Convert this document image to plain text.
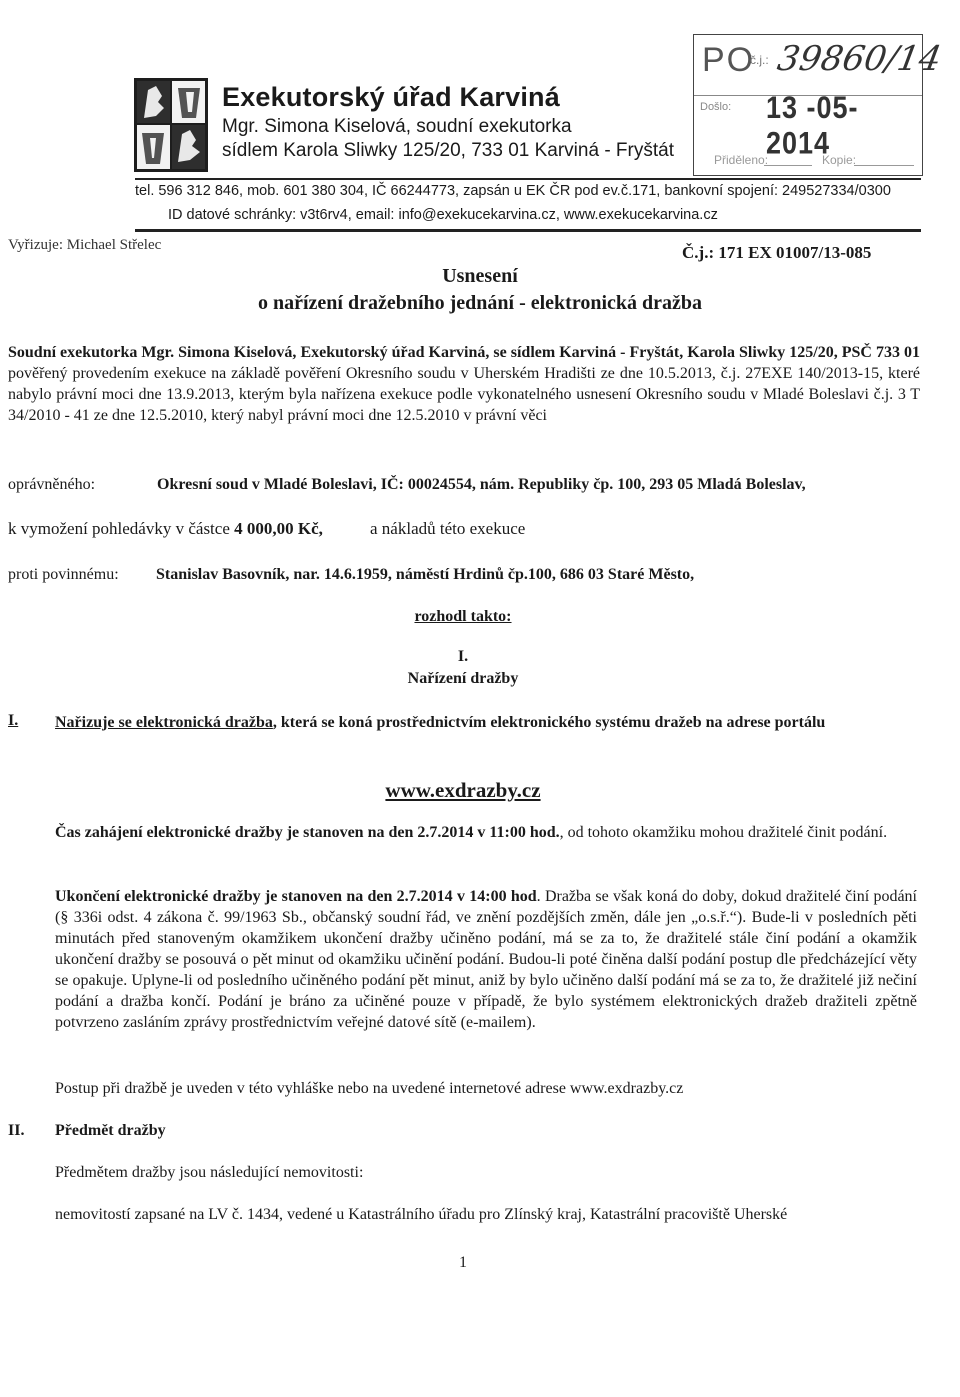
Exekutorský úřad Karviná
Mgr. Simona Kiselová, soudní exekutorka
sídlem Karola Sliwky 125/20, 733 01 Karviná - Fryštát
PO
č.j.: 39860/14
Došlo: 13 -05- 2014
Přiděleno:	Kopie:
tel. 596 312 846, mob. 601 380 304, IČ 66244773, zapsán u EK ČR pod ev.č.171, bankovní spojení: 249527334/0300
ID datové schránky: v3t6rv4, email: info@exekucekarvina.cz, www.exekucekarvina.cz
Vyřizuje: Michael Střelec	Č.j.: 171 EX 01007/13-085
Usnesení
o nařízení dražebního jednání - elektronická dražba
Soudní exekutorka Mgr. Simona Kiselová, Exekutorský úřad Karviná, se sídlem Karviná - Fryštát, Karola Sliwky 125/20, PSČ 733 01 pověřený provedením exekuce na základě pověření Okresního soudu v Uherském Hradišti ze dne 10.5.2013, č.j. 27EXE 140/2013-15, které nabylo právní moci dne 13.9.2013, kterým byla nařízena exekuce podle vykonatelného usnesení Okresního soudu v Mladé Boleslavi č.j. 3 T 34/2010 - 41 ze dne 12.5.2010, který nabyl právní moci dne 12.5.2010 v právní věci
oprávněného:	Okresní soud v Mladé Boleslavi, IČ: 00024554, nám. Republiky čp. 100, 293 05 Mladá Boleslav,
k vymožení pohledávky v částce 4 000,00 Kč,	a nákladů této exekuce
proti povinnému: Stanislav Basovník, nar. 14.6.1959, náměstí Hrdinů čp.100, 686 03 Staré Město,
rozhodl takto:
I.
Nařízení dražby
I. Nařizuje se elektronická dražba, která se koná prostřednictvím elektronického systému dražeb na adrese portálu
www.exdrazby.cz
Čas zahájení elektronické dražby je stanoven na den 2.7.2014 v 11:00 hod., od tohoto okamžiku mohou dražitelé činit podání.
Ukončení elektronické dražby je stanoven na den 2.7.2014 v 14:00 hod. Dražba se však koná do doby, dokud dražitelé činí podání (§ 336i odst. 4 zákona č. 99/1963 Sb., občanský soudní řád, ve znění pozdějších změn, dále jen „o.s.ř.“). Bude-li v posledních pěti minutách před stanoveným okamžikem ukončení dražby učiněno podání, má se za to, že dražitelé stále činí podání a okamžik ukončení dražby se posouvá o pět minut od okamžiku učinění podání. Budou-li poté činěna další podání postup dle předcházející věty se opakuje. Uplyne-li od posledního učiněného podání pět minut, aniž by bylo učiněno další podání má se za to, že dražitelé již nečiní podání a dražba končí. Podání je bráno za učiněné pouze v případě, že bylo systémem elektronických dražeb dražiteli zpětně potvrzeno zasláním zprávy prostřednictvím veřejné datové sítě (e-mailem).
Postup při dražbě je uveden v této vyhláške nebo na uvedené internetové adrese www.exdrazby.cz
II. Předmět dražby
Předmětem dražby jsou následující nemovitosti:
nemovitostí zapsané na LV č. 1434, vedené u Katastrálního úřadu pro Zlínský kraj, Katastrální pracoviště Uherské
1
